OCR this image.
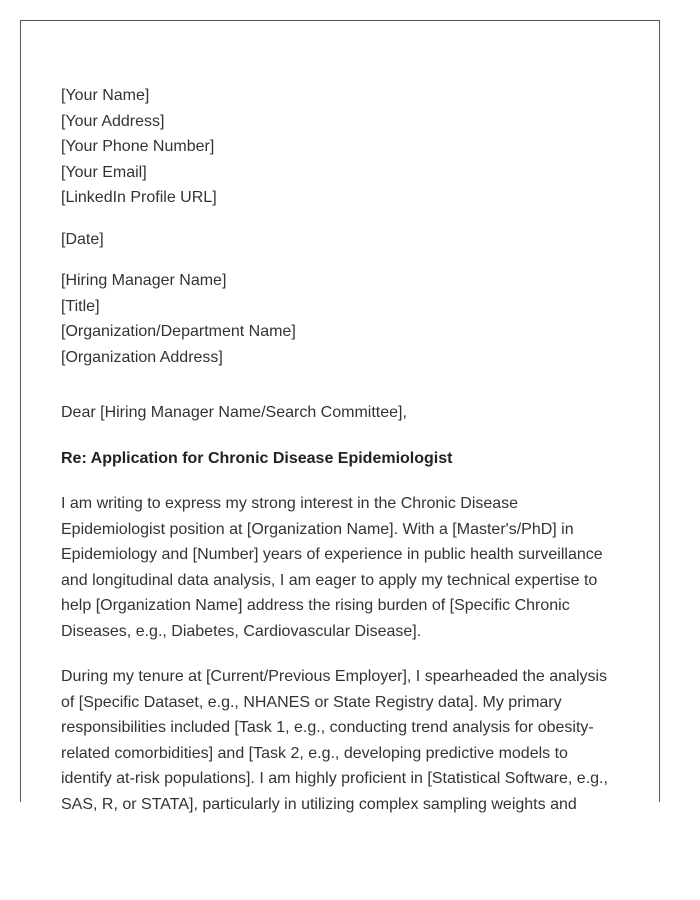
[Your Name]
[Your Address]
[Your Phone Number]
[Your Email]
[LinkedIn Profile URL]
[Date]
[Hiring Manager Name]
[Title]
[Organization/Department Name]
[Organization Address]
Dear [Hiring Manager Name/Search Committee],
Re: Application for Chronic Disease Epidemiologist

I am writing to express my strong interest in the Chronic Disease Epidemiologist position at [Organization Name]. With a [Master's/PhD] in Epidemiology and [Number] years of experience in public health surveillance and longitudinal data analysis, I am eager to apply my technical expertise to help [Organization Name] address the rising burden of [Specific Chronic Diseases, e.g., Diabetes, Cardiovascular Disease].

During my tenure at [Current/Previous Employer], I spearheaded the analysis of [Specific Dataset, e.g., NHANES or State Registry data]. My primary responsibilities included [Task 1, e.g., conducting trend analysis for obesity-related comorbidities] and [Task 2, e.g., developing predictive models to identify at-risk populations]. I am highly proficient in [Statistical Software, e.g., SAS, R, or STATA], particularly in utilizing complex sampling weights and
